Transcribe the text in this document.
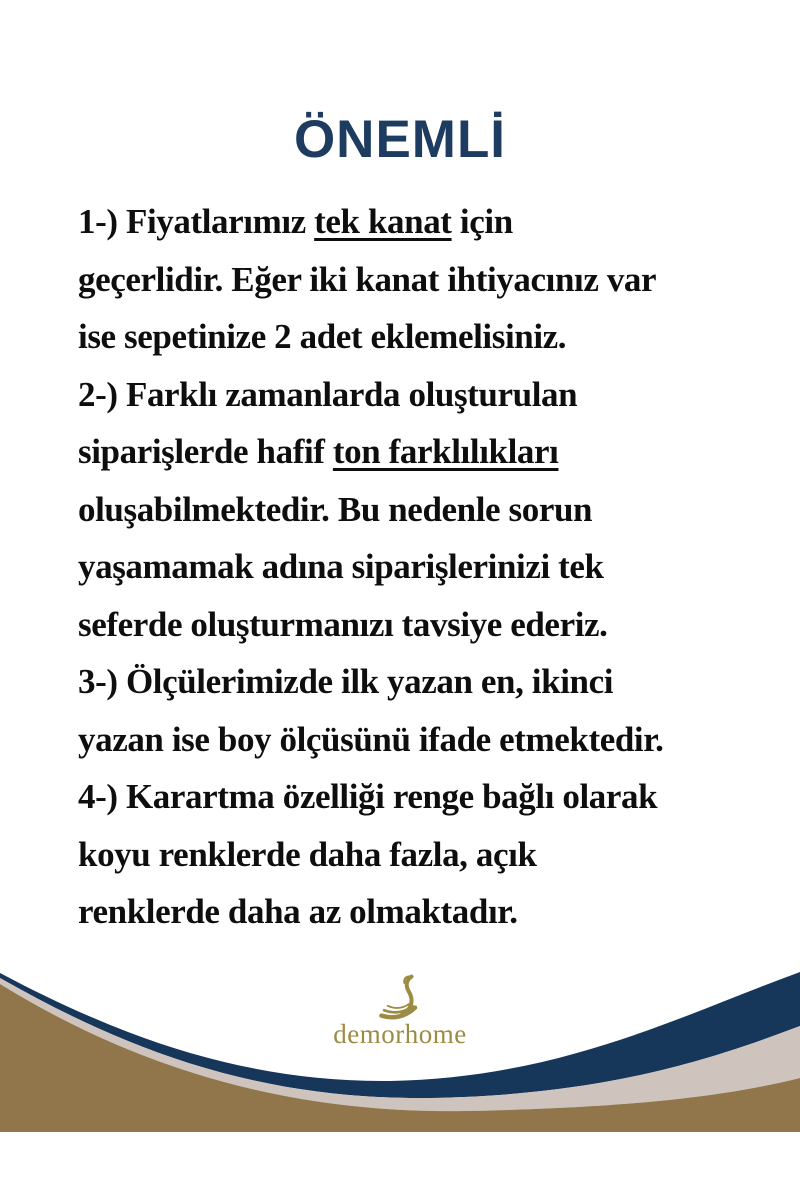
ÖNEMLİ

1-) Fiyatlarımız tek kanat için

geçerlidir. Eğer iki kanat ihtiyacınız var

ise sepetinize 2 adet eklemelisiniz.

2-) Farklı zamanlarda oluşturulan

siparişlerde hafif ton farklılıkları

oluşabilmektedir. Bu nedenle sorun

yaşamamak adına siparişlerinizi tek

seferde oluşturmanızı tavsiye ederiz.

3-) Ölçülerimizde ilk yazan en, ikinci

yazan ise boy ölçüsünü ifade etmektedir.

4-) Karartma özelliği renge bağlı olarak

koyu renklerde daha fazla, açık

renklerde daha az olmaktadır.

demorhome
